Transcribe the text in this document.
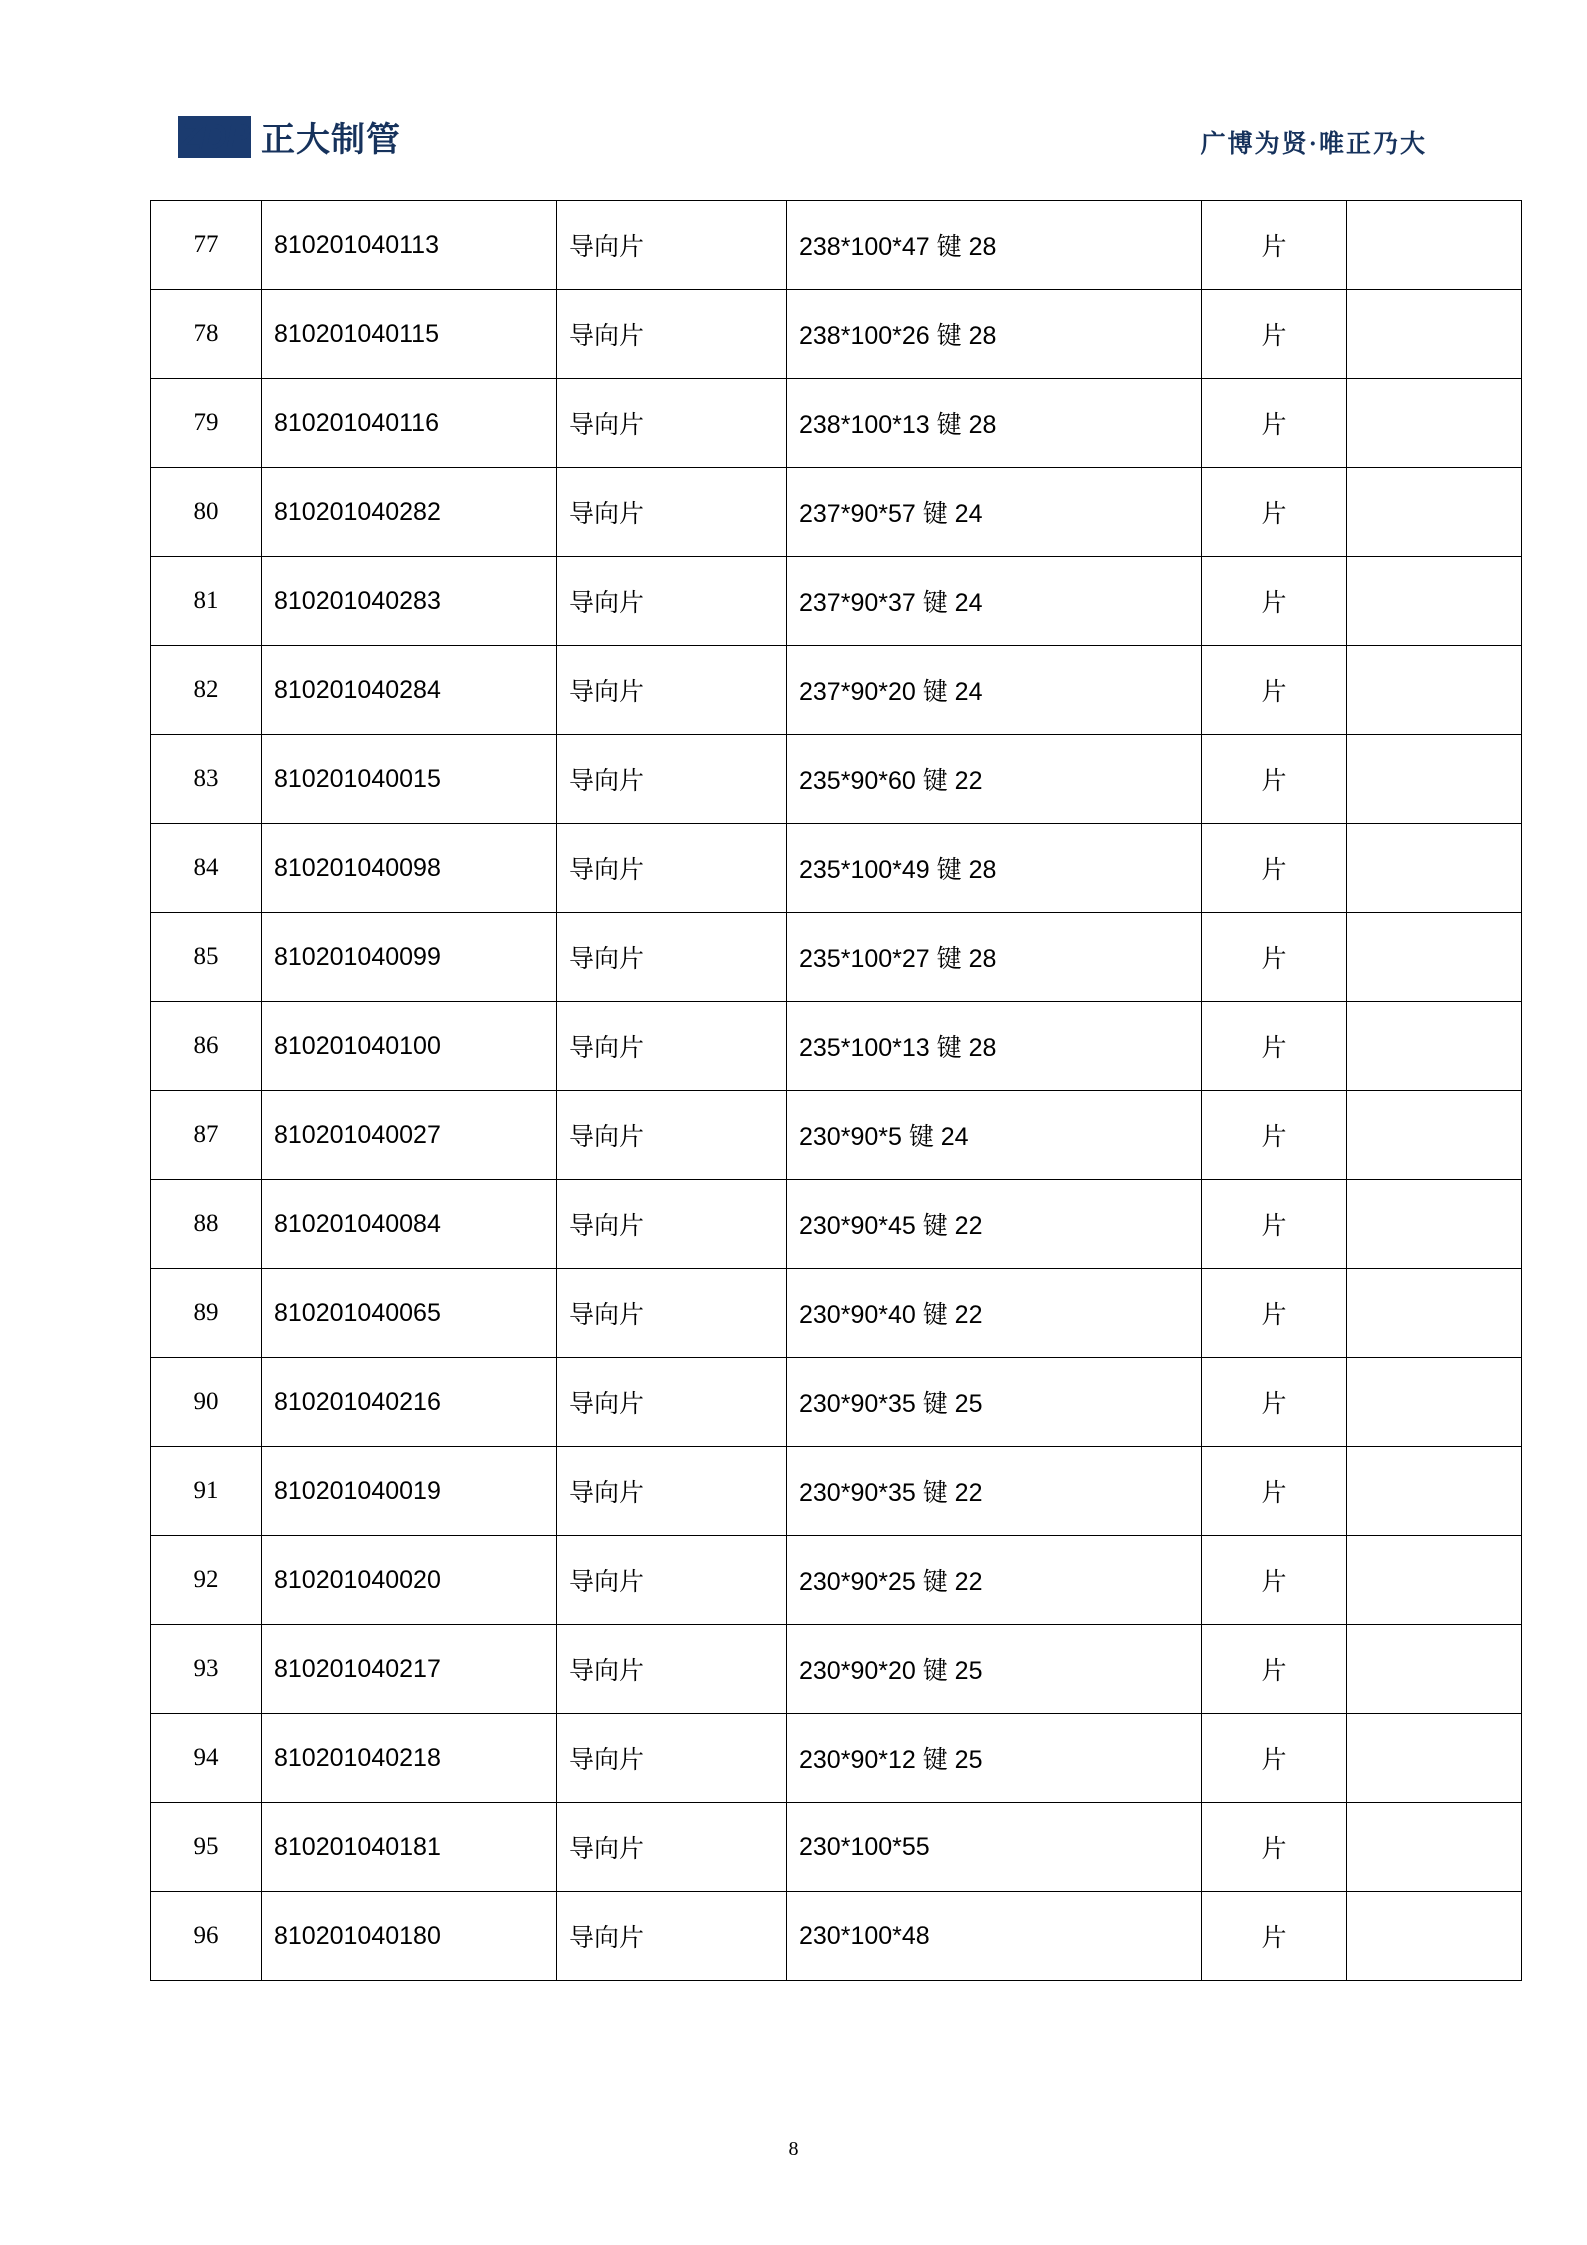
ZDP 正大制管	广博为贤·唯正乃大
77	810201040113	导向片	238*100*47 键 28	片	
78	810201040115	导向片	238*100*26 键 28	片	
79	810201040116	导向片	238*100*13 键 28	片	
80	810201040282	导向片	237*90*57 键 24	片	
81	810201040283	导向片	237*90*37 键 24	片	
82	810201040284	导向片	237*90*20 键 24	片	
83	810201040015	导向片	235*90*60 键 22	片	
84	810201040098	导向片	235*100*49 键 28	片	
85	810201040099	导向片	235*100*27 键 28	片	
86	810201040100	导向片	235*100*13 键 28	片	
87	810201040027	导向片	230*90*5 键 24	片	
88	810201040084	导向片	230*90*45 键 22	片	
89	810201040065	导向片	230*90*40 键 22	片	
90	810201040216	导向片	230*90*35 键 25	片	
91	810201040019	导向片	230*90*35 键 22	片	
92	810201040020	导向片	230*90*25 键 22	片	
93	810201040217	导向片	230*90*20 键 25	片	
94	810201040218	导向片	230*90*12 键 25	片	
95	810201040181	导向片	230*100*55	片	
96	810201040180	导向片	230*100*48	片	
8
